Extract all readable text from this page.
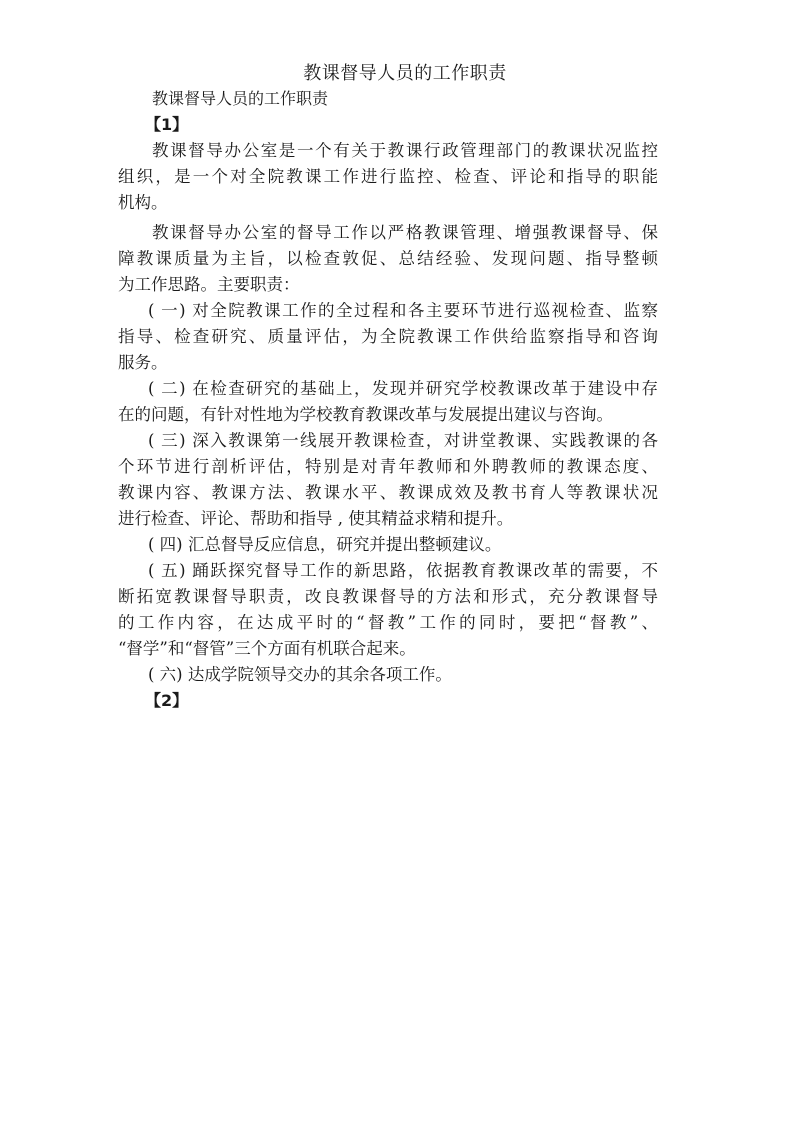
教课督导人员的工作职责
教课督导人员的工作职责
【1】
教课督导办公室是一个有关于教课行政管理部门的教课状况监控
组织，是一个对全院教课工作进行监控、检查、评论和指导的职能
机构。
教课督导办公室的督导工作以严格教课管理、增强教课督导、保
障教课质量为主旨，以检查敦促、总结经验、发现问题、指导整顿
为工作思路。主要职责：
( 一) 对全院教课工作的全过程和各主要环节进行巡视检查、监察
指导、检查研究、质量评估，为全院教课工作供给监察指导和咨询
服务。
( 二) 在检查研究的基础上，发现并研究学校教课改革于建设中存
在的问题，有针对性地为学校教育教课改革与发展提出建议与咨询。
( 三) 深入教课第一线展开教课检查，对讲堂教课、实践教课的各
个环节进行剖析评估，特别是对青年教师和外聘教师的教课态度、
教课内容、教课方法、教课水平、教课成效及教书育人等教课状况
进行检查、评论、帮助和指导 , 使其精益求精和提升。
( 四) 汇总督导反应信息，研究并提出整顿建议。
( 五) 踊跃探究督导工作的新思路，依据教育教课改革的需要，不
断拓宽教课督导职责，改良教课督导的方法和形式，充分教课督导
的工作内容，在达成平时的“督教”工作的同时，要把“督教”、
“督学”和“督管”三个方面有机联合起来。
( 六) 达成学院领导交办的其余各项工作。
【2】
